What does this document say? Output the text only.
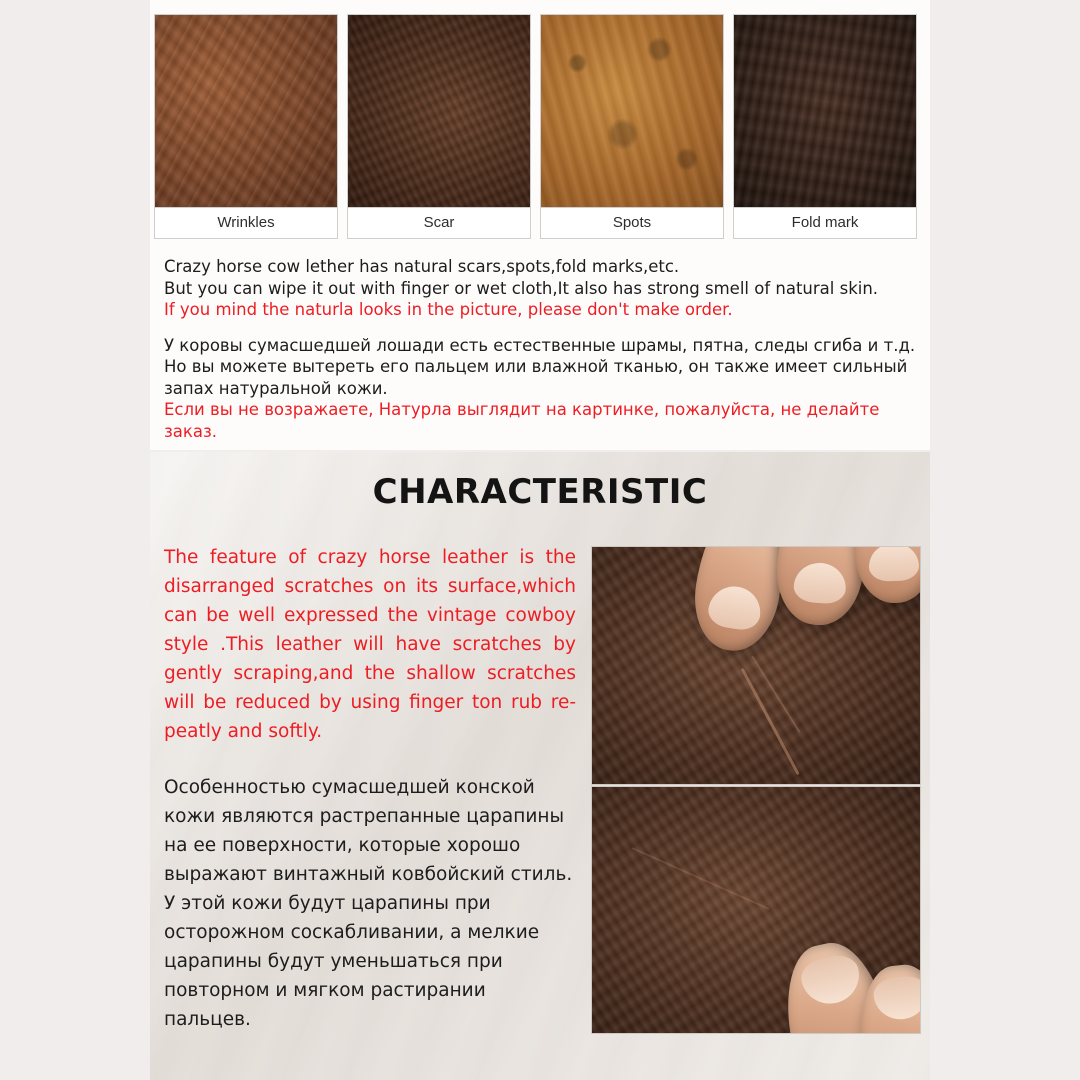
Wrinkles	Scar	Spots	Fold mark
Crazy horse cow lether has natural scars,spots,fold marks,etc.
But you can wipe it out with finger or wet cloth,It also has strong smell of natural skin.
If you mind the naturla looks in the picture, please don't make order.
У коровы сумасшедшей лошади есть естественные шрамы, пятна, следы сгиба и т.д.
Но вы можете вытереть его пальцем или влажной тканью, он также имеет сильный запах натуральной кожи.
Если вы не возражаете, Натурла выглядит на картинке, пожалуйста, не делайте заказ.
CHARACTERISTIC
The feature of crazy horse leather is the disarranged scratches on its surface,which can be well expressed the vintage cowboy style .This leather will have scratches by gently scraping,and the shallow scratches will be reduced by using finger ton rub re-peatly and softly.
Особенностью сумасшедшей конской кожи являются растрепанные царапины на ее поверхности, которые хорошо выражают винтажный ковбойский стиль. У этой кожи будут царапины при осторожном соскабливании, а мелкие царапины будут уменьшаться при повторном и мягком растирании пальцев.
